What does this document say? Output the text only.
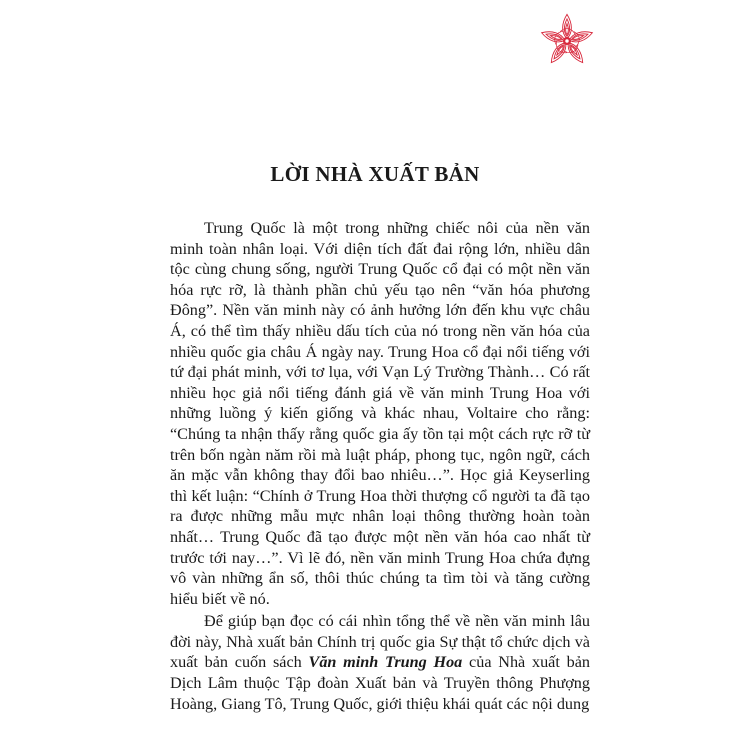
LỜI NHÀ XUẤT BẢN

Trung Quốc là một trong những chiếc nôi của nền văn minh toàn nhân loại. Với diện tích đất đai rộng lớn, nhiều dân tộc cùng chung sống, người Trung Quốc cổ đại có một nền văn hóa rực rỡ, là thành phần chủ yếu tạo nên “văn hóa phương Đông”. Nền văn minh này có ảnh hưởng lớn đến khu vực châu Á, có thể tìm thấy nhiều dấu tích của nó trong nền văn hóa của nhiều quốc gia châu Á ngày nay. Trung Hoa cổ đại nổi tiếng với tứ đại phát minh, với tơ lụa, với Vạn Lý Trường Thành… Có rất nhiều học giả nổi tiếng đánh giá về văn minh Trung Hoa với những luồng ý kiến giống và khác nhau, Voltaire cho rằng: “Chúng ta nhận thấy rằng quốc gia ấy tồn tại một cách rực rỡ từ trên bốn ngàn năm rồi mà luật pháp, phong tục, ngôn ngữ, cách ăn mặc vẫn không thay đổi bao nhiêu…”. Học giả Keyserling thì kết luận: “Chính ở Trung Hoa thời thượng cổ người ta đã tạo ra được những mẫu mực nhân loại thông thường hoàn toàn nhất… Trung Quốc đã tạo được một nền văn hóa cao nhất từ trước tới nay…”. Vì lẽ đó, nền văn minh Trung Hoa chứa đựng vô vàn những ẩn số, thôi thúc chúng ta tìm tòi và tăng cường hiểu biết về nó.

Để giúp bạn đọc có cái nhìn tổng thể về nền văn minh lâu đời này, Nhà xuất bản Chính trị quốc gia Sự thật tổ chức dịch và xuất bản cuốn sách Văn minh Trung Hoa của Nhà xuất bản Dịch Lâm thuộc Tập đoàn Xuất bản và Truyền thông Phượng Hoàng, Giang Tô, Trung Quốc, giới thiệu khái quát các nội dung
